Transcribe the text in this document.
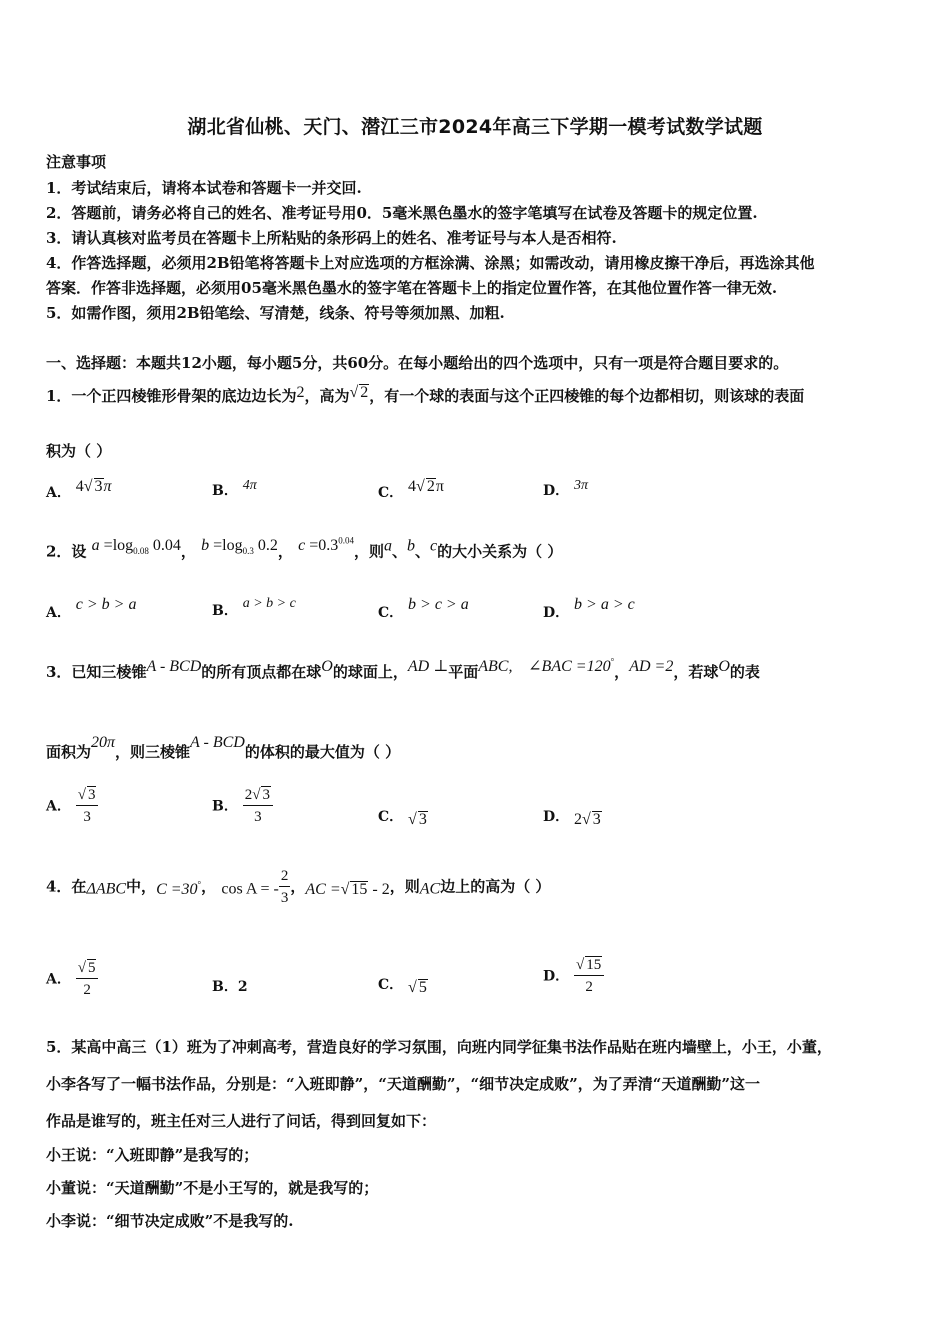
湖北省仙桃、天门、潜江三市2024年高三下学期一模考试数学试题
注意事项
1．考试结束后，请将本试卷和答题卡一并交回.
2．答题前，请务必将自己的姓名、准考证号用0．5毫米黑色墨水的签字笔填写在试卷及答题卡的规定位置.
3．请认真核对监考员在答题卡上所粘贴的条形码上的姓名、准考证号与本人是否相符.
4．作答选择题，必须用2B铅笔将答题卡上对应选项的方框涂满、涂黑；如需改动，请用橡皮擦干净后，再选涂其他
答案．作答非选择题，必须用05毫米黑色墨水的签字笔在答题卡上的指定位置作答，在其他位置作答一律无效.
5．如需作图，须用2B铅笔绘、写清楚，线条、符号等须加黑、加粗.
一、选择题：本题共12小题，每小题5分，共60分。在每小题给出的四个选项中，只有一项是符合题目要求的。
1．一个正四棱锥形骨架的底边边长为2，高为√ 2，有一个球的表面与这个正四棱锥的每个边都相切，则该球的表面
积为（ ）
A． 4√ 3π	B． 4π	C． 4√ 2π	D． 3π
2．设 $a =\log_{0.08}$ 0.04， $b =\log_{0.3}$ 0.2， $c =0.3^{0.04}$，则a、b、c的大小关系为（ ）
A． c > b > a	B． a > b > c
C． b > c > a	D． b > a > c
3．已知三棱锥A - BCD的所有顶点都在球O的球面上，AD ⊥平面ABC, ∠BAC =120°，AD =2，若球O的表
面积为20π，则三棱锥A - BCD的体积的最大值为（ ）
A． $\frac{√ 3}{3}$	B． $\frac{2√ 3}{3}$	C． √ 3	D． 2√ 3
4．在ΔABC中，C =30°， cos A = - $\frac{2}{3}$ ，AC =√ 15 - 2，则AC边上的高为（ ）
A． $\frac{√ 5}{2}$	B．2	C． √ 5
D． $\frac{√ 15}{2}$
5．某高中高三（1）班为了冲刺高考，营造良好的学习氛围，向班内同学征集书法作品贴在班内墙壁上，小王，小董，
小李各写了一幅书法作品，分别是：“入班即静”，“天道酬勤”，“细节决定成败”，为了弄清“天道酬勤”这一
作品是谁写的，班主任对三人进行了问话，得到回复如下：
小王说：“入班即静”是我写的；
小董说：“天道酬勤”不是小王写的，就是我写的；
小李说：“细节决定成败”不是我写的.
